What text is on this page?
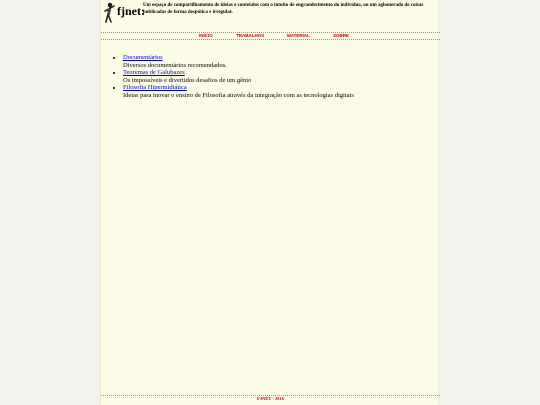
fjnet:
Um espaço de compartilhamento de ideias e conteúdos com o intuito de engrandecimento do indivíduo, ou um aglomerado de coisas publicadas de forma despótica e irregular.
INÍCIO	TRABALHOS	MATERIAL	SOBRE
• Documentários
Diversos documentários recomendados.
• Teoremas de Galubazes
Os impossíveis e divertidos desafios de um gênio
• Filosofia Hipermidiática
Ideias para inovar o ensino de Filosofia através da integração com as tecnologias digitais
FJNET - 2016
